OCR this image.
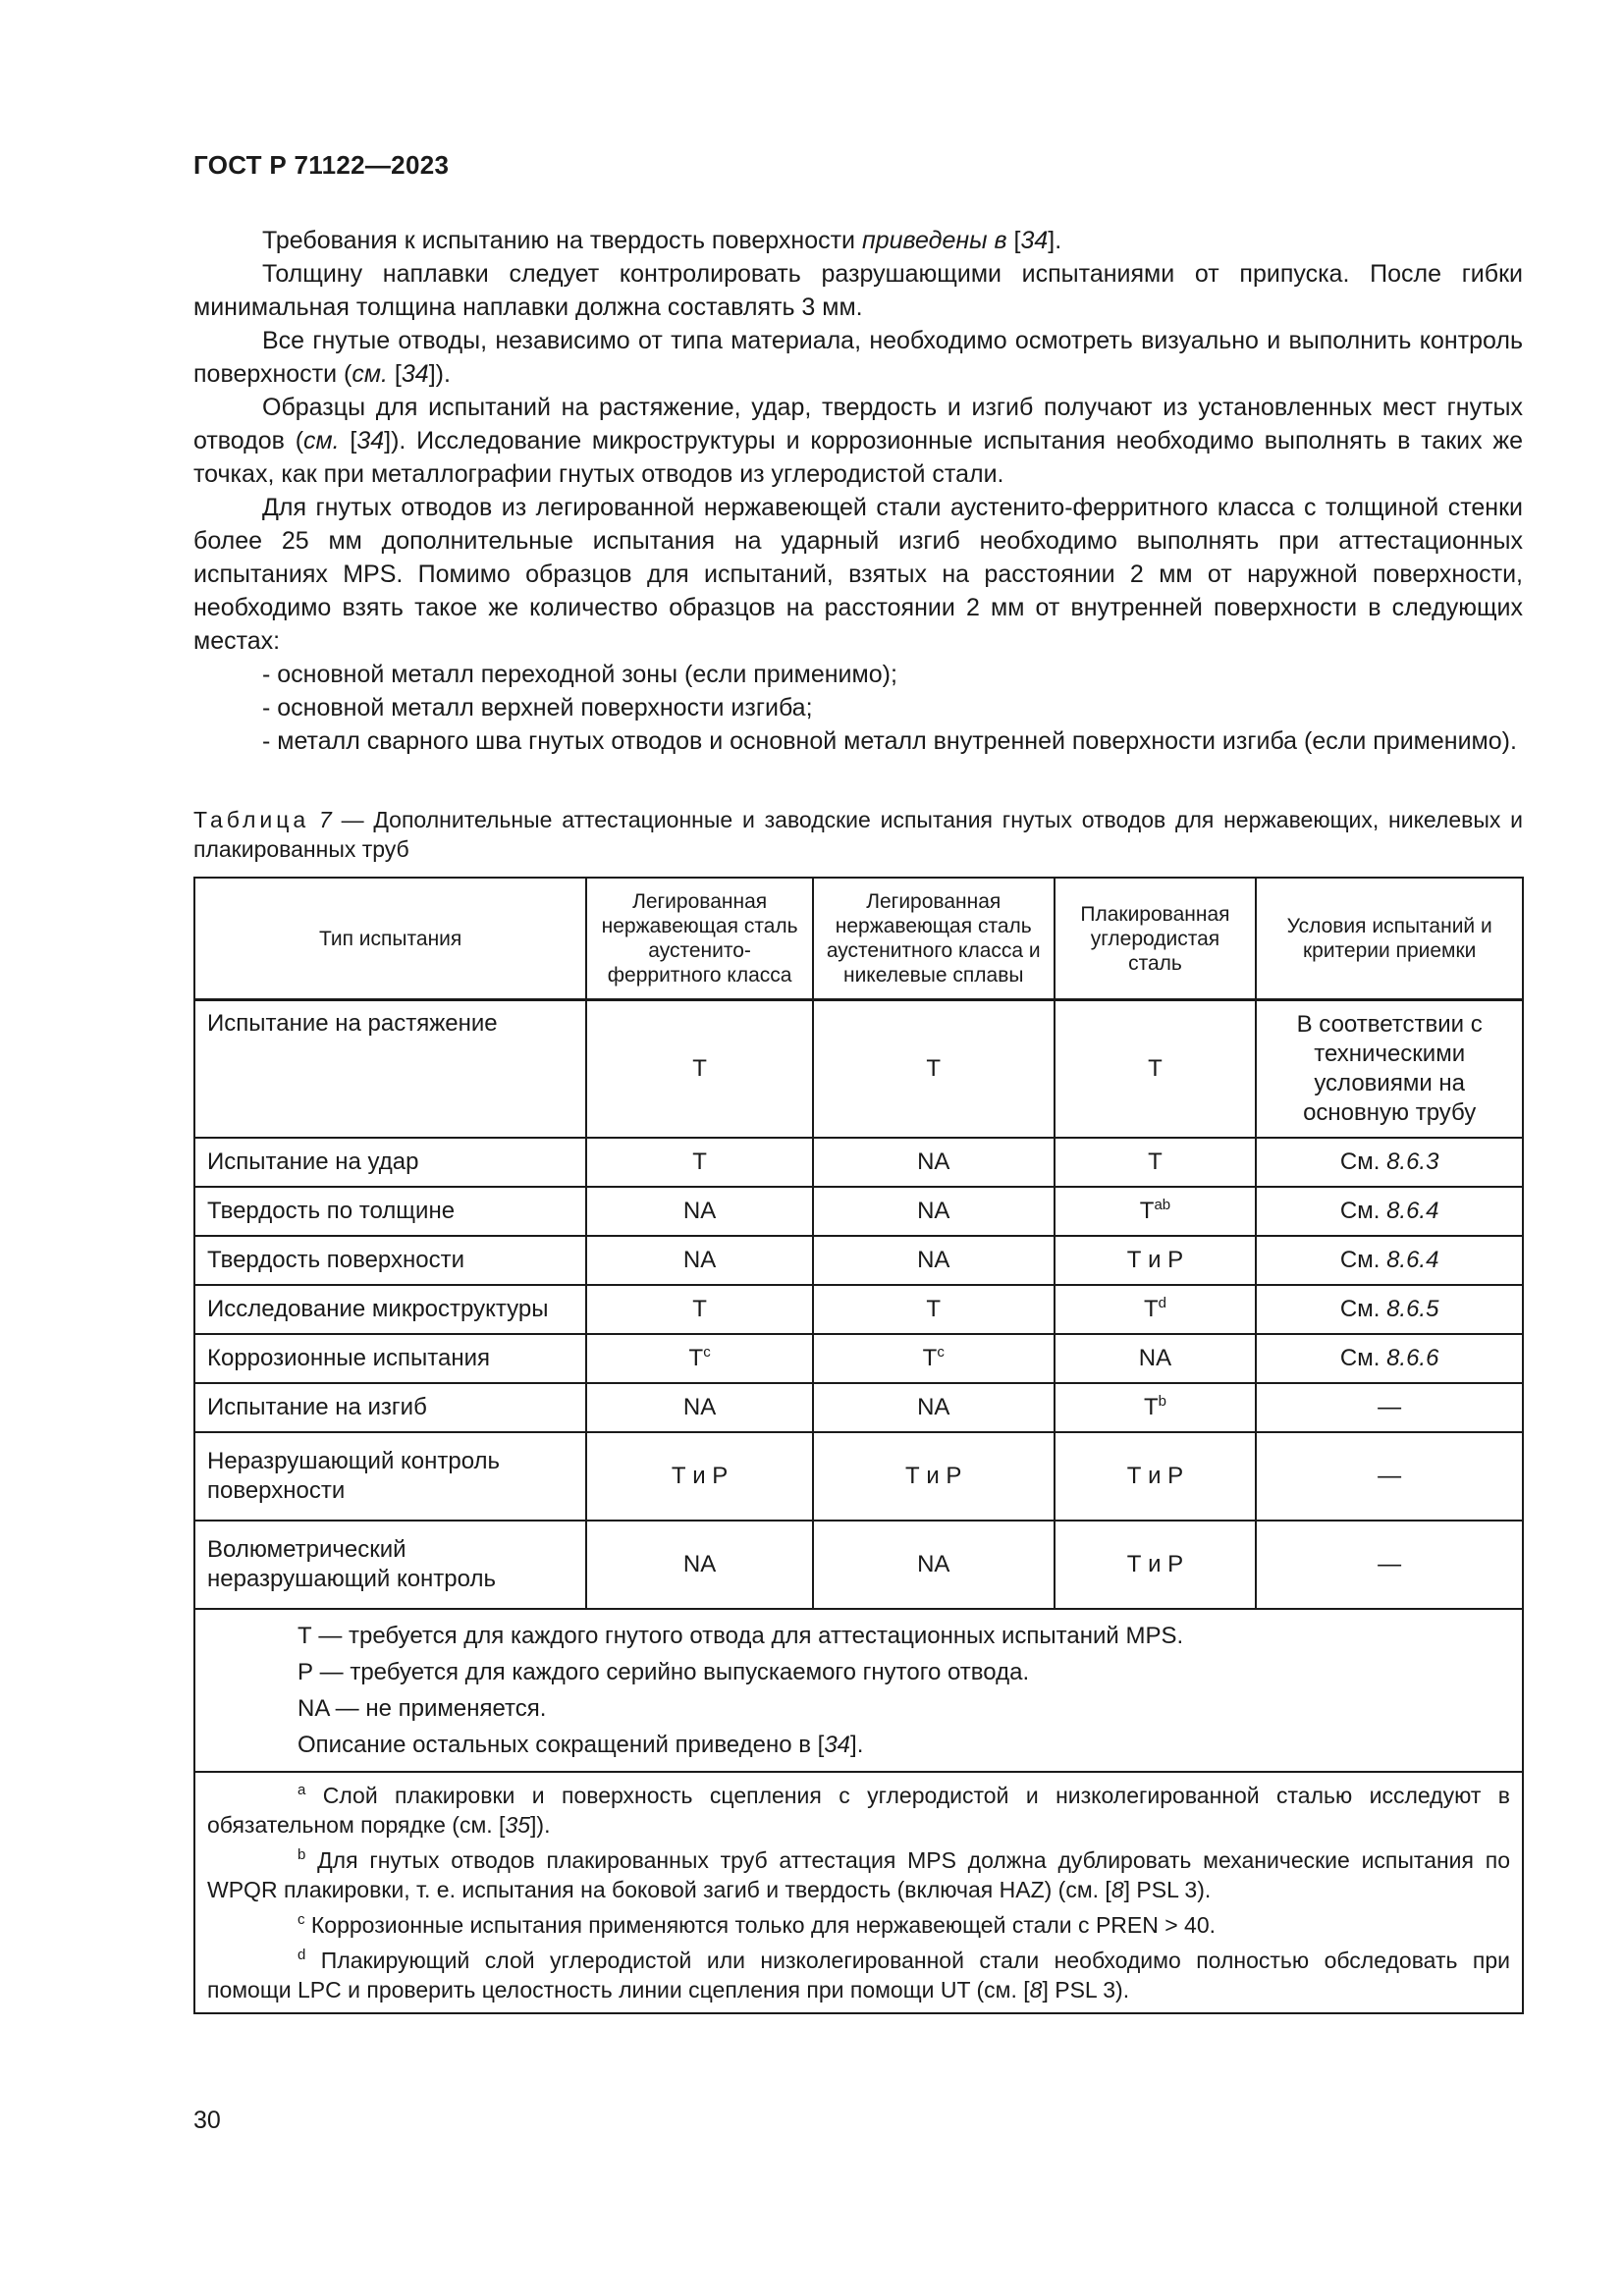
ГОСТ Р 71122—2023

Требования к испытанию на твердость поверхности приведены в [34].

Толщину наплавки следует контролировать разрушающими испытаниями от припуска. После гибки минимальная толщина наплавки должна составлять 3 мм.

Все гнутые отводы, независимо от типа материала, необходимо осмотреть визуально и выполнить контроль поверхности (см. [34]).

Образцы для испытаний на растяжение, удар, твердость и изгиб получают из установленных мест гнутых отводов (см. [34]). Исследование микроструктуры и коррозионные испытания необходимо выполнять в таких же точках, как при металлографии гнутых отводов из углеродистой стали.

Для гнутых отводов из легированной нержавеющей стали аустенито-ферритного класса с толщиной стенки более 25 мм дополнительные испытания на ударный изгиб необходимо выполнять при аттестационных испытаниях MPS. Помимо образцов для испытаний, взятых на расстоянии 2 мм от наружной поверхности, необходимо взять такое же количество образцов на расстоянии 2 мм от внутренней поверхности в следующих местах:

- основной металл переходной зоны (если применимо);

- основной металл верхней поверхности изгиба;

- металл сварного шва гнутых отводов и основной металл внутренней поверхности изгиба (если применимо).

Таблица 7 — Дополнительные аттестационные и заводские испытания гнутых отводов для нержавеющих, никелевых и плакированных труб
Тип испытания	Легированная нержавеющая сталь аустенито-ферритного класса	Легированная нержавеющая сталь аустенитного класса и никелевые сплавы	Плакированная углеродистая сталь	Условия испытаний и критерии приемки
Испытание на растяжение	Т	Т	Т	В соответствии с техническими условиями на основную трубу
Испытание на удар	Т	NA	Т	См. 8.6.3
Твердость по толщине	NA	NA	$Т^{ab}$	См. 8.6.4
Твердость поверхности	NA	NA	Т и Р	См. 8.6.4
Исследование микроструктуры	Т	Т	$Т^d$	См. 8.6.5
Коррозионные испытания	$Т^c$	$Т^c$	NA	См. 8.6.6
Испытание на изгиб	NA	NA	$Т^b$	—
Неразрушающий контроль поверхности	Т и Р	Т и Р	Т и Р	—
Волюметрический неразрушающий контроль	NA	NA	Т и Р	—

Т — требуется для каждого гнутого отвода для аттестационных испытаний MPS.

Р — требуется для каждого серийно выпускаемого гнутого отвода.

NA — не применяется.

Описание остальных сокращений приведено в [34].				

$^a$ Слой плакировки и поверхность сцепления с углеродистой и низколегированной сталью исследуют в обязательном порядке (см. [35]).

$^b$ Для гнутых отводов плакированных труб аттестация MPS должна дублировать механические испытания по WPQR плакировки, т. е. испытания на боковой загиб и твердость (включая HAZ) (см. [8] PSL 3).

$^c$ Коррозионные испытания применяются только для нержавеющей стали с PREN > 40.

$^d$ Плакирующий слой углеродистой или низколегированной стали необходимо полностью обследовать при помощи LPC и проверить целостность линии сцепления при помощи UT (см. [8] PSL 3).				

30
